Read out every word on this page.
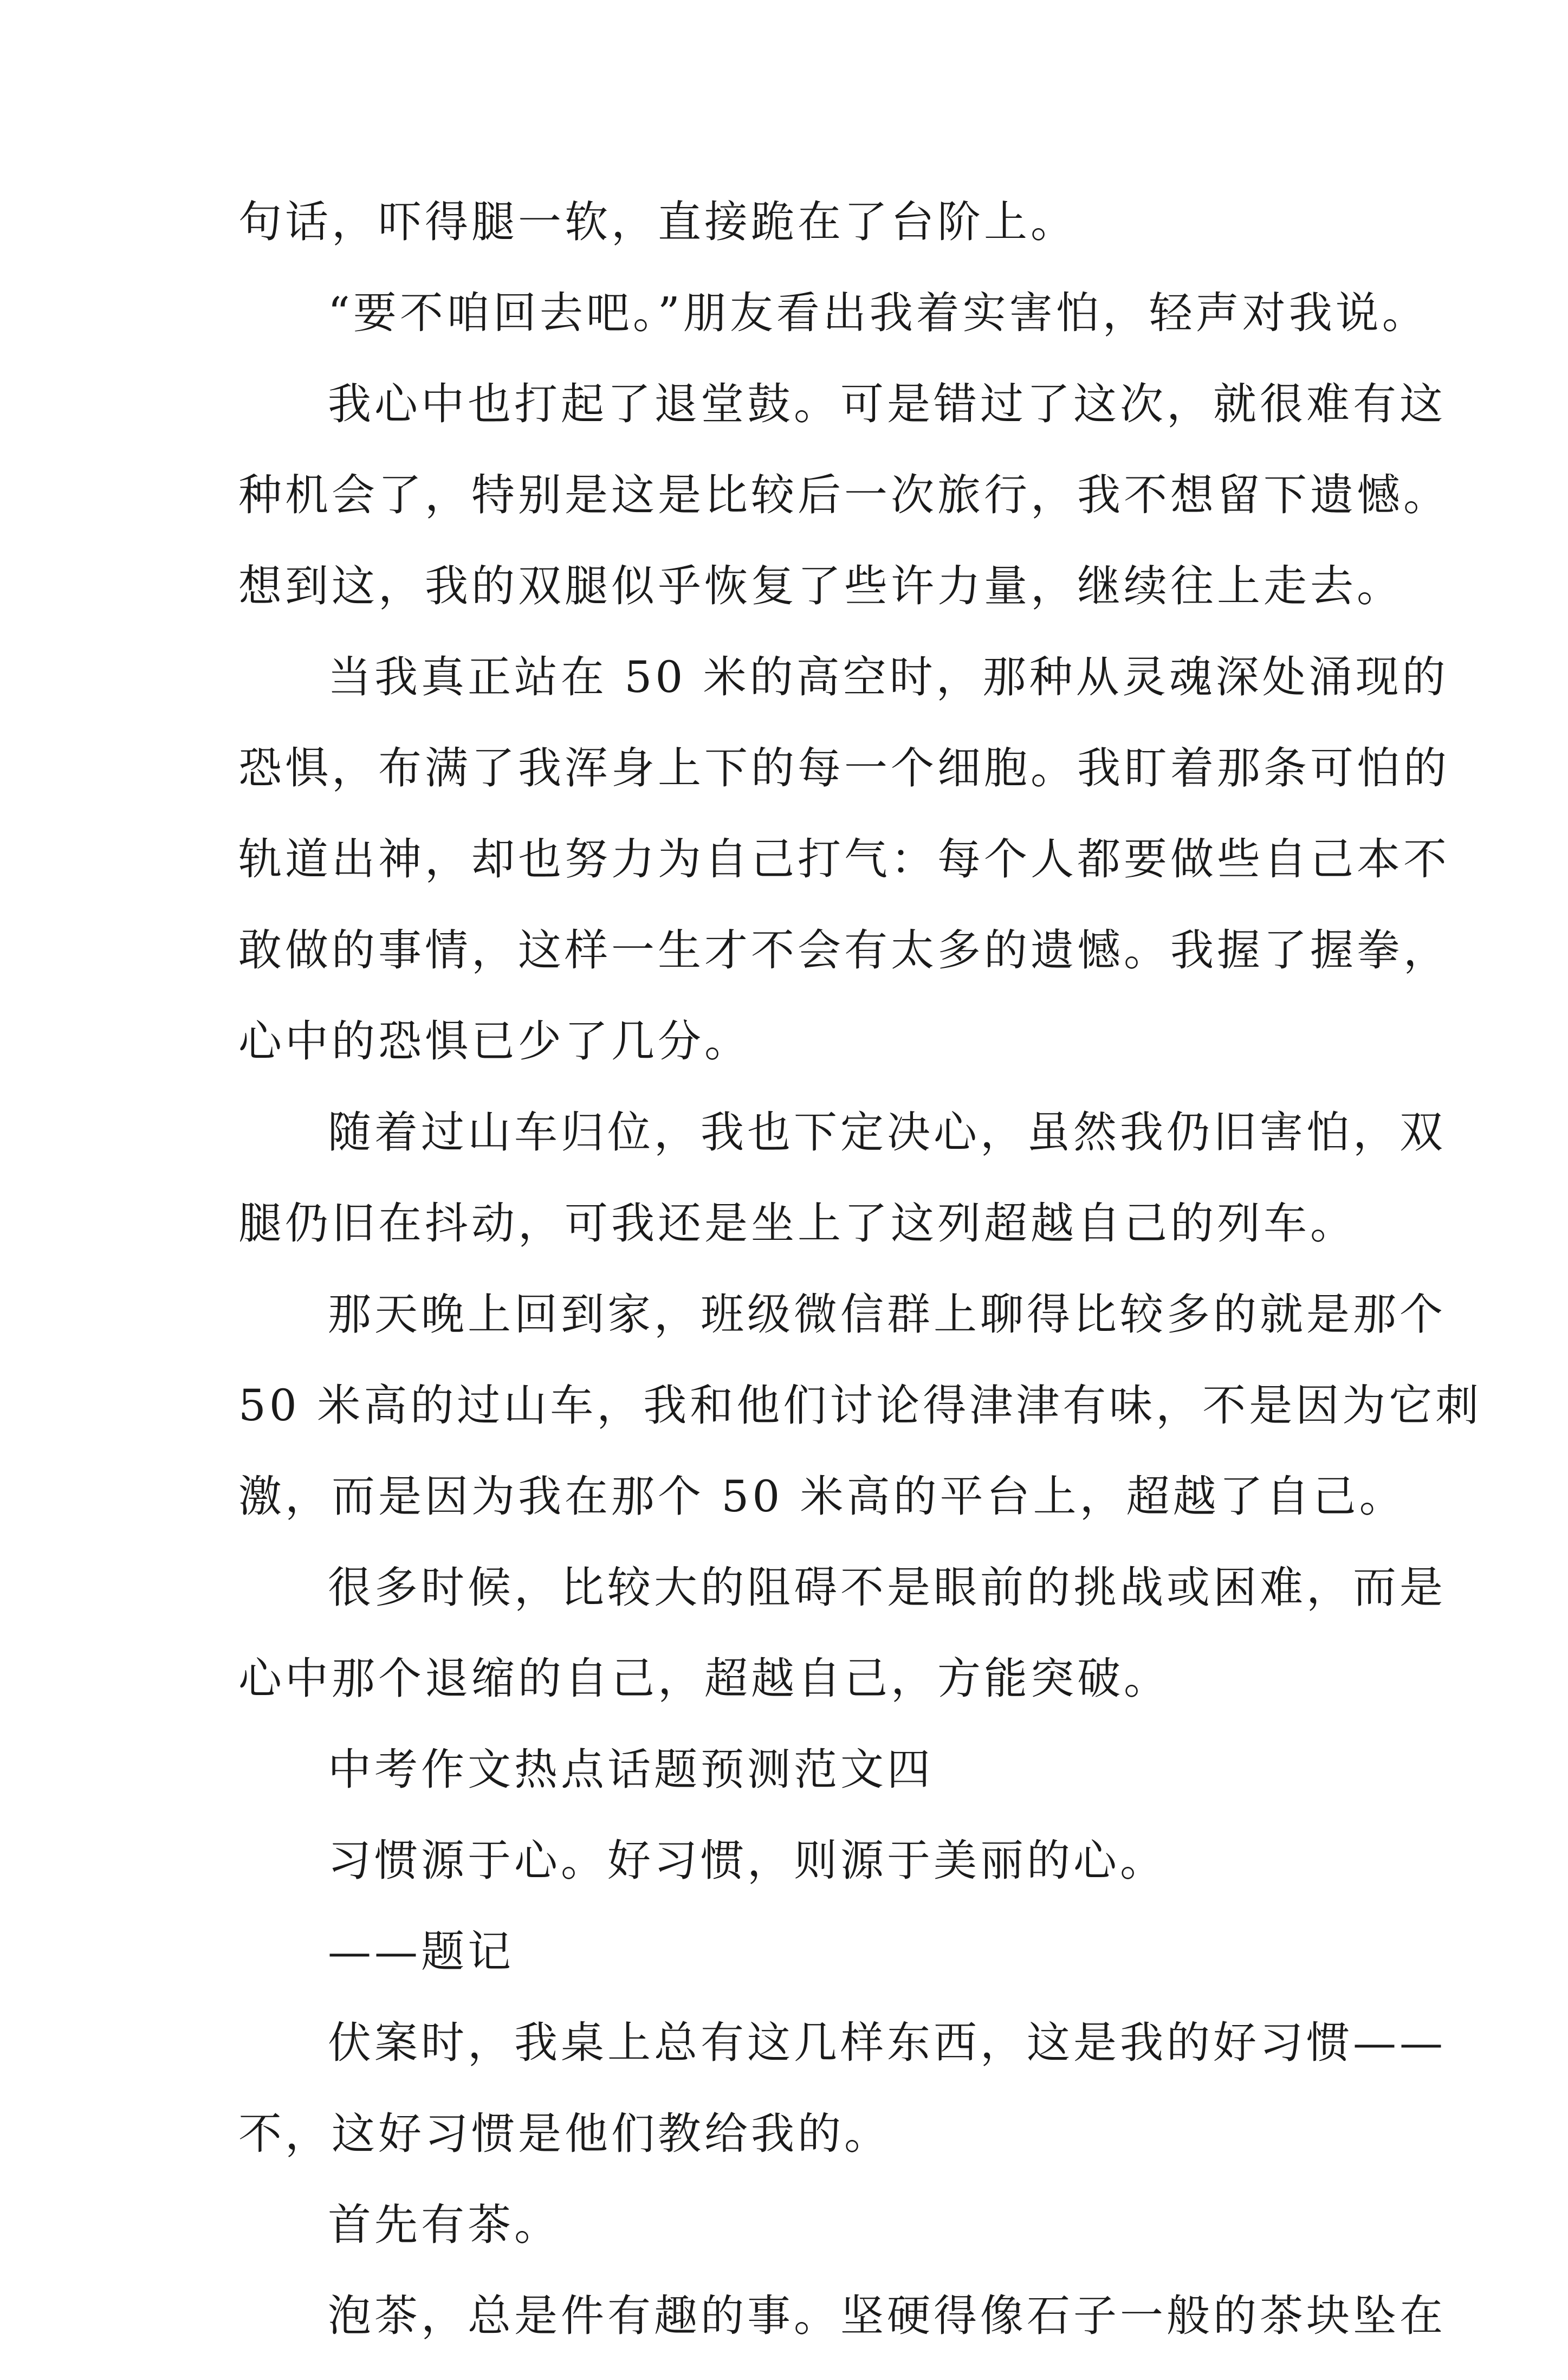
句话，吓得腿一软，直接跪在了台阶上。
“要不咱回去吧。”朋友看出我着实害怕，轻声对我说。
我心中也打起了退堂鼓。可是错过了这次，就很难有这
种机会了，特别是这是比较后一次旅行，我不想留下遗憾。
想到这，我的双腿似乎恢复了些许力量，继续往上走去。
当我真正站在 50 米的高空时，那种从灵魂深处涌现的
恐惧，布满了我浑身上下的每一个细胞。我盯着那条可怕的
轨道出神，却也努力为自己打气：每个人都要做些自己本不
敢做的事情，这样一生才不会有太多的遗憾。我握了握拳，
心中的恐惧已少了几分。
随着过山车归位，我也下定决心，虽然我仍旧害怕，双
腿仍旧在抖动，可我还是坐上了这列超越自己的列车。
那天晚上回到家，班级微信群上聊得比较多的就是那个
50 米高的过山车，我和他们讨论得津津有味，不是因为它刺
激，而是因为我在那个 50 米高的平台上，超越了自己。
很多时候，比较大的阻碍不是眼前的挑战或困难，而是
心中那个退缩的自己，超越自己，方能突破。
中考作文热点话题预测范文四
习惯源于心。好习惯，则源于美丽的心。
——题记
伏案时，我桌上总有这几样东西，这是我的好习惯——
不，这好习惯是他们教给我的。
首先有茶。
泡茶，总是件有趣的事。坚硬得像石子一般的茶块坠在
